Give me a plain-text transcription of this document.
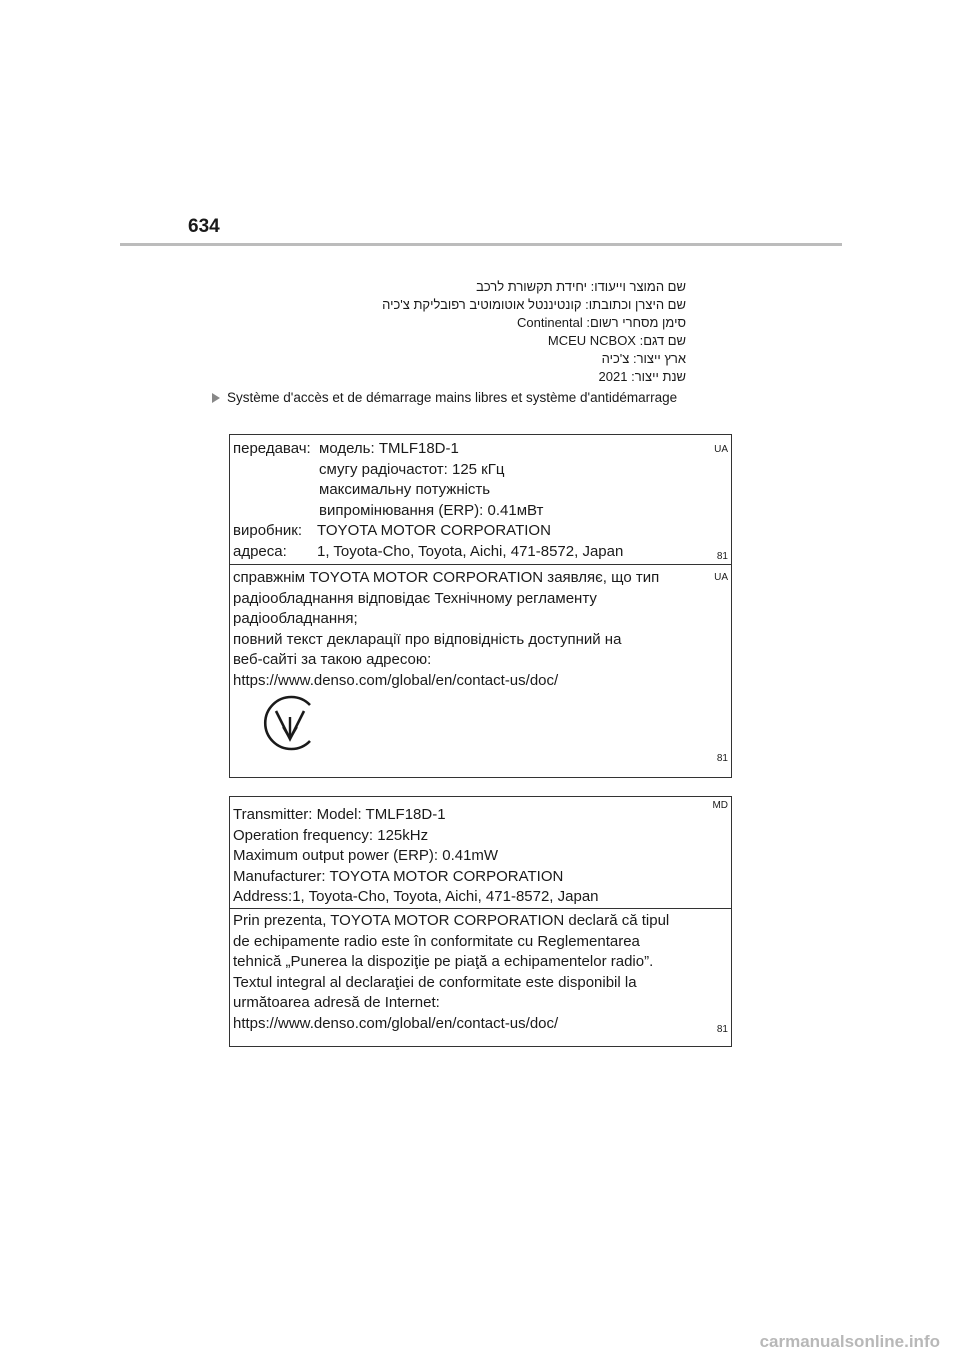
634
שם המוצר וייעודו: יחידת תקשורת לרכב
שם היצרן וכתובתו: קונטיננטל אוטומוטיב רפובליקת צ'כיה
סימן מסחרי רשום: Continental
שם דגם: MCEU NCBOX
ארץ ייצור: צ'כיה
שנת ייצור: 2021
Système d'accès et de démarrage mains libres et système d'antidémarrage
UA
передавач: модель: TMLF18D-1
смугу радіочастот: 125 кГц
максимальну потужність
випромінювання (ERP): 0.41мВт
виробник: TOYOTA MOTOR CORPORATION
адреса:	1, Toyota-Cho, Toyota, Aichi, 471-8572, Japan	81
UA
справжнім TOYOTA MOTOR CORPORATION заявляє, що тип
радіообладнання відповідає Технічному регламенту
радіообладнання;
повний текст декларації про відповідність доступний на
веб-сайті за такою адресою:
https://www.denso.com/global/en/contact-us/doc/
81
MD
Transmitter: Model: TMLF18D-1
Operation frequency: 125kHz
Maximum output power (ERP): 0.41mW
Manufacturer: TOYOTA MOTOR CORPORATION
Address:1, Toyota-Cho, Toyota, Aichi, 471-8572, Japan
Prin prezenta, TOYOTA MOTOR CORPORATION declară că tipul
de echipamente radio este în conformitate cu Reglementarea
tehnică „Punerea la dispoziţie pe piaţă a echipamentelor radio”.
Textul integral al declaraţiei de conformitate este disponibil la
următoarea adresă de Internet:
https://www.denso.com/global/en/contact-us/doc/	81
carmanualsonline.info
